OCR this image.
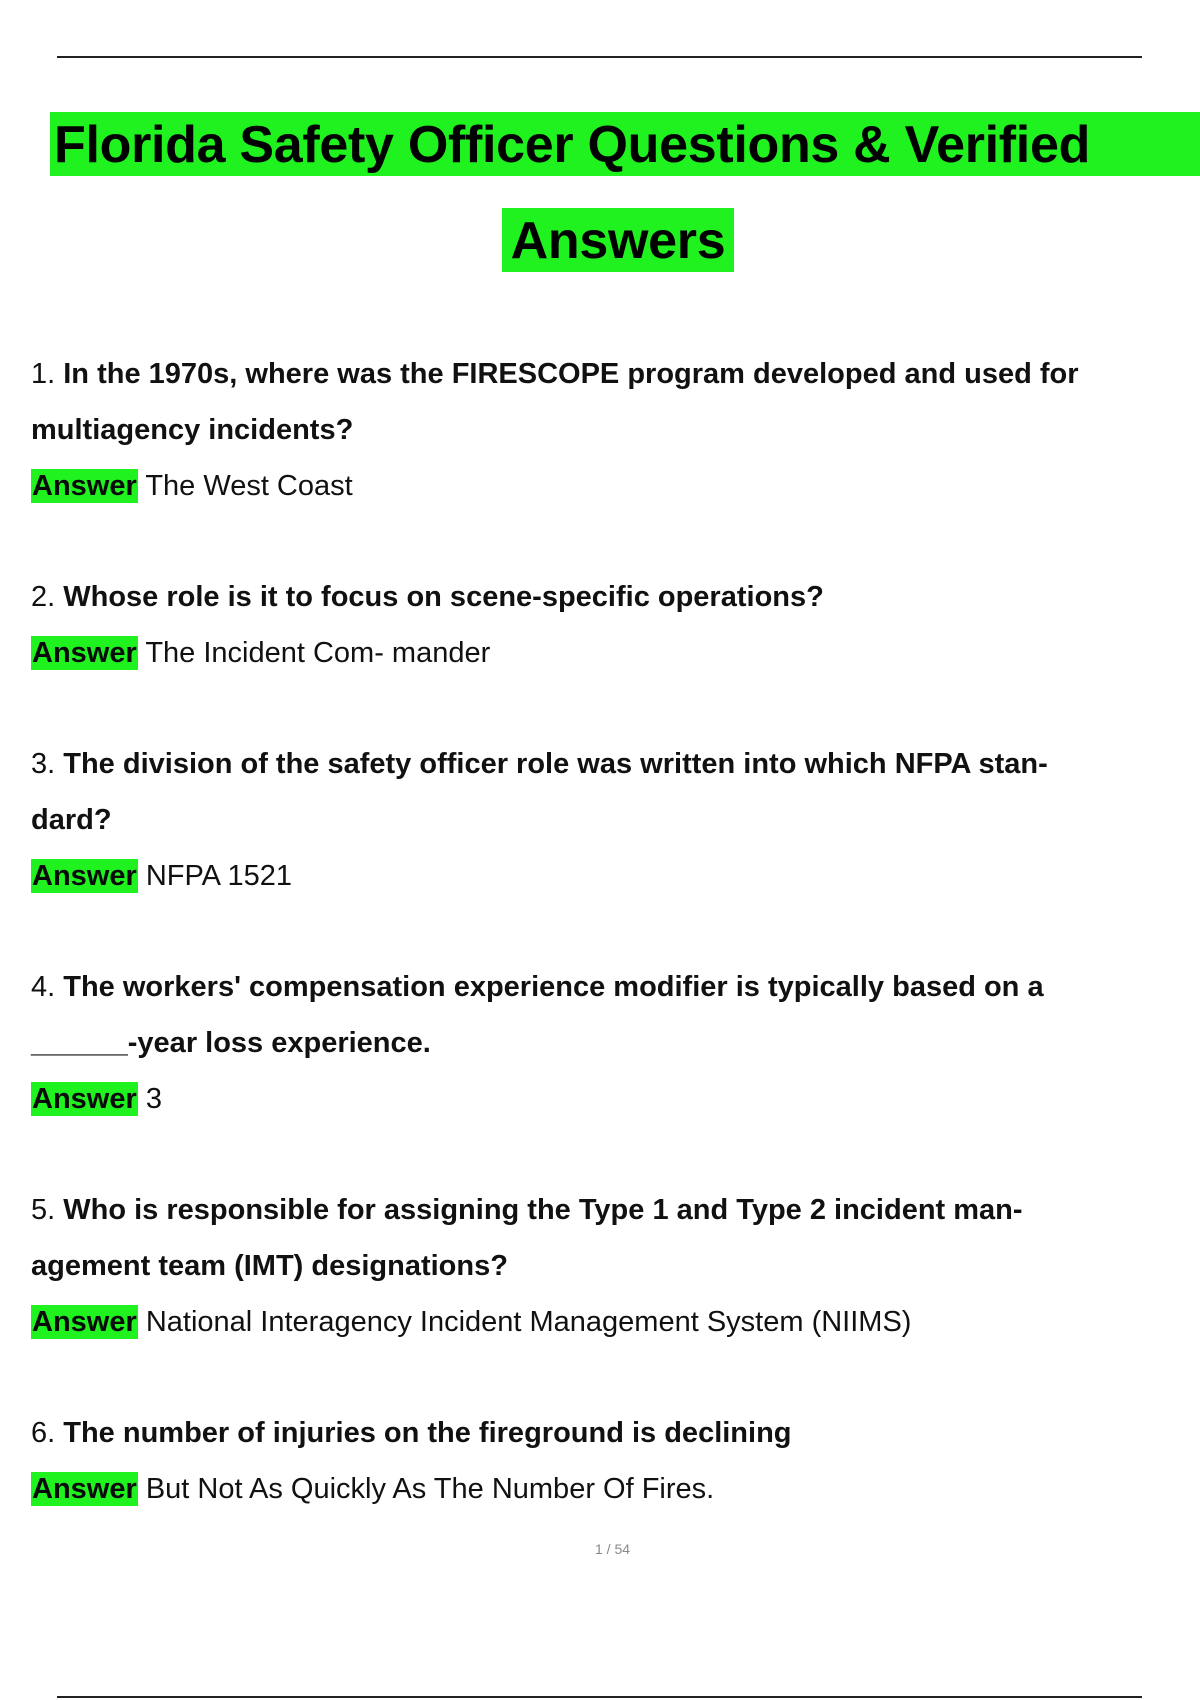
Florida Safety Officer Questions & Verified
Answers
1. In the 1970s, where was the FIRESCOPE program developed and used for
multiagency incidents?
Answer The West Coast
2. Whose role is it to focus on scene-specific operations?
Answer The Incident Com- mander
3. The division of the safety officer role was written into which NFPA stan-
dard?
Answer NFPA 1521
4. The workers' compensation experience modifier is typically based on a
______-year loss experience.
Answer 3
5. Who is responsible for assigning the Type 1 and Type 2 incident man-
agement team (IMT) designations?
Answer National Interagency Incident Management System (NIIMS)
6. The number of injuries on the fireground is declining
Answer But Not As Quickly As The Number Of Fires.
1 / 54
